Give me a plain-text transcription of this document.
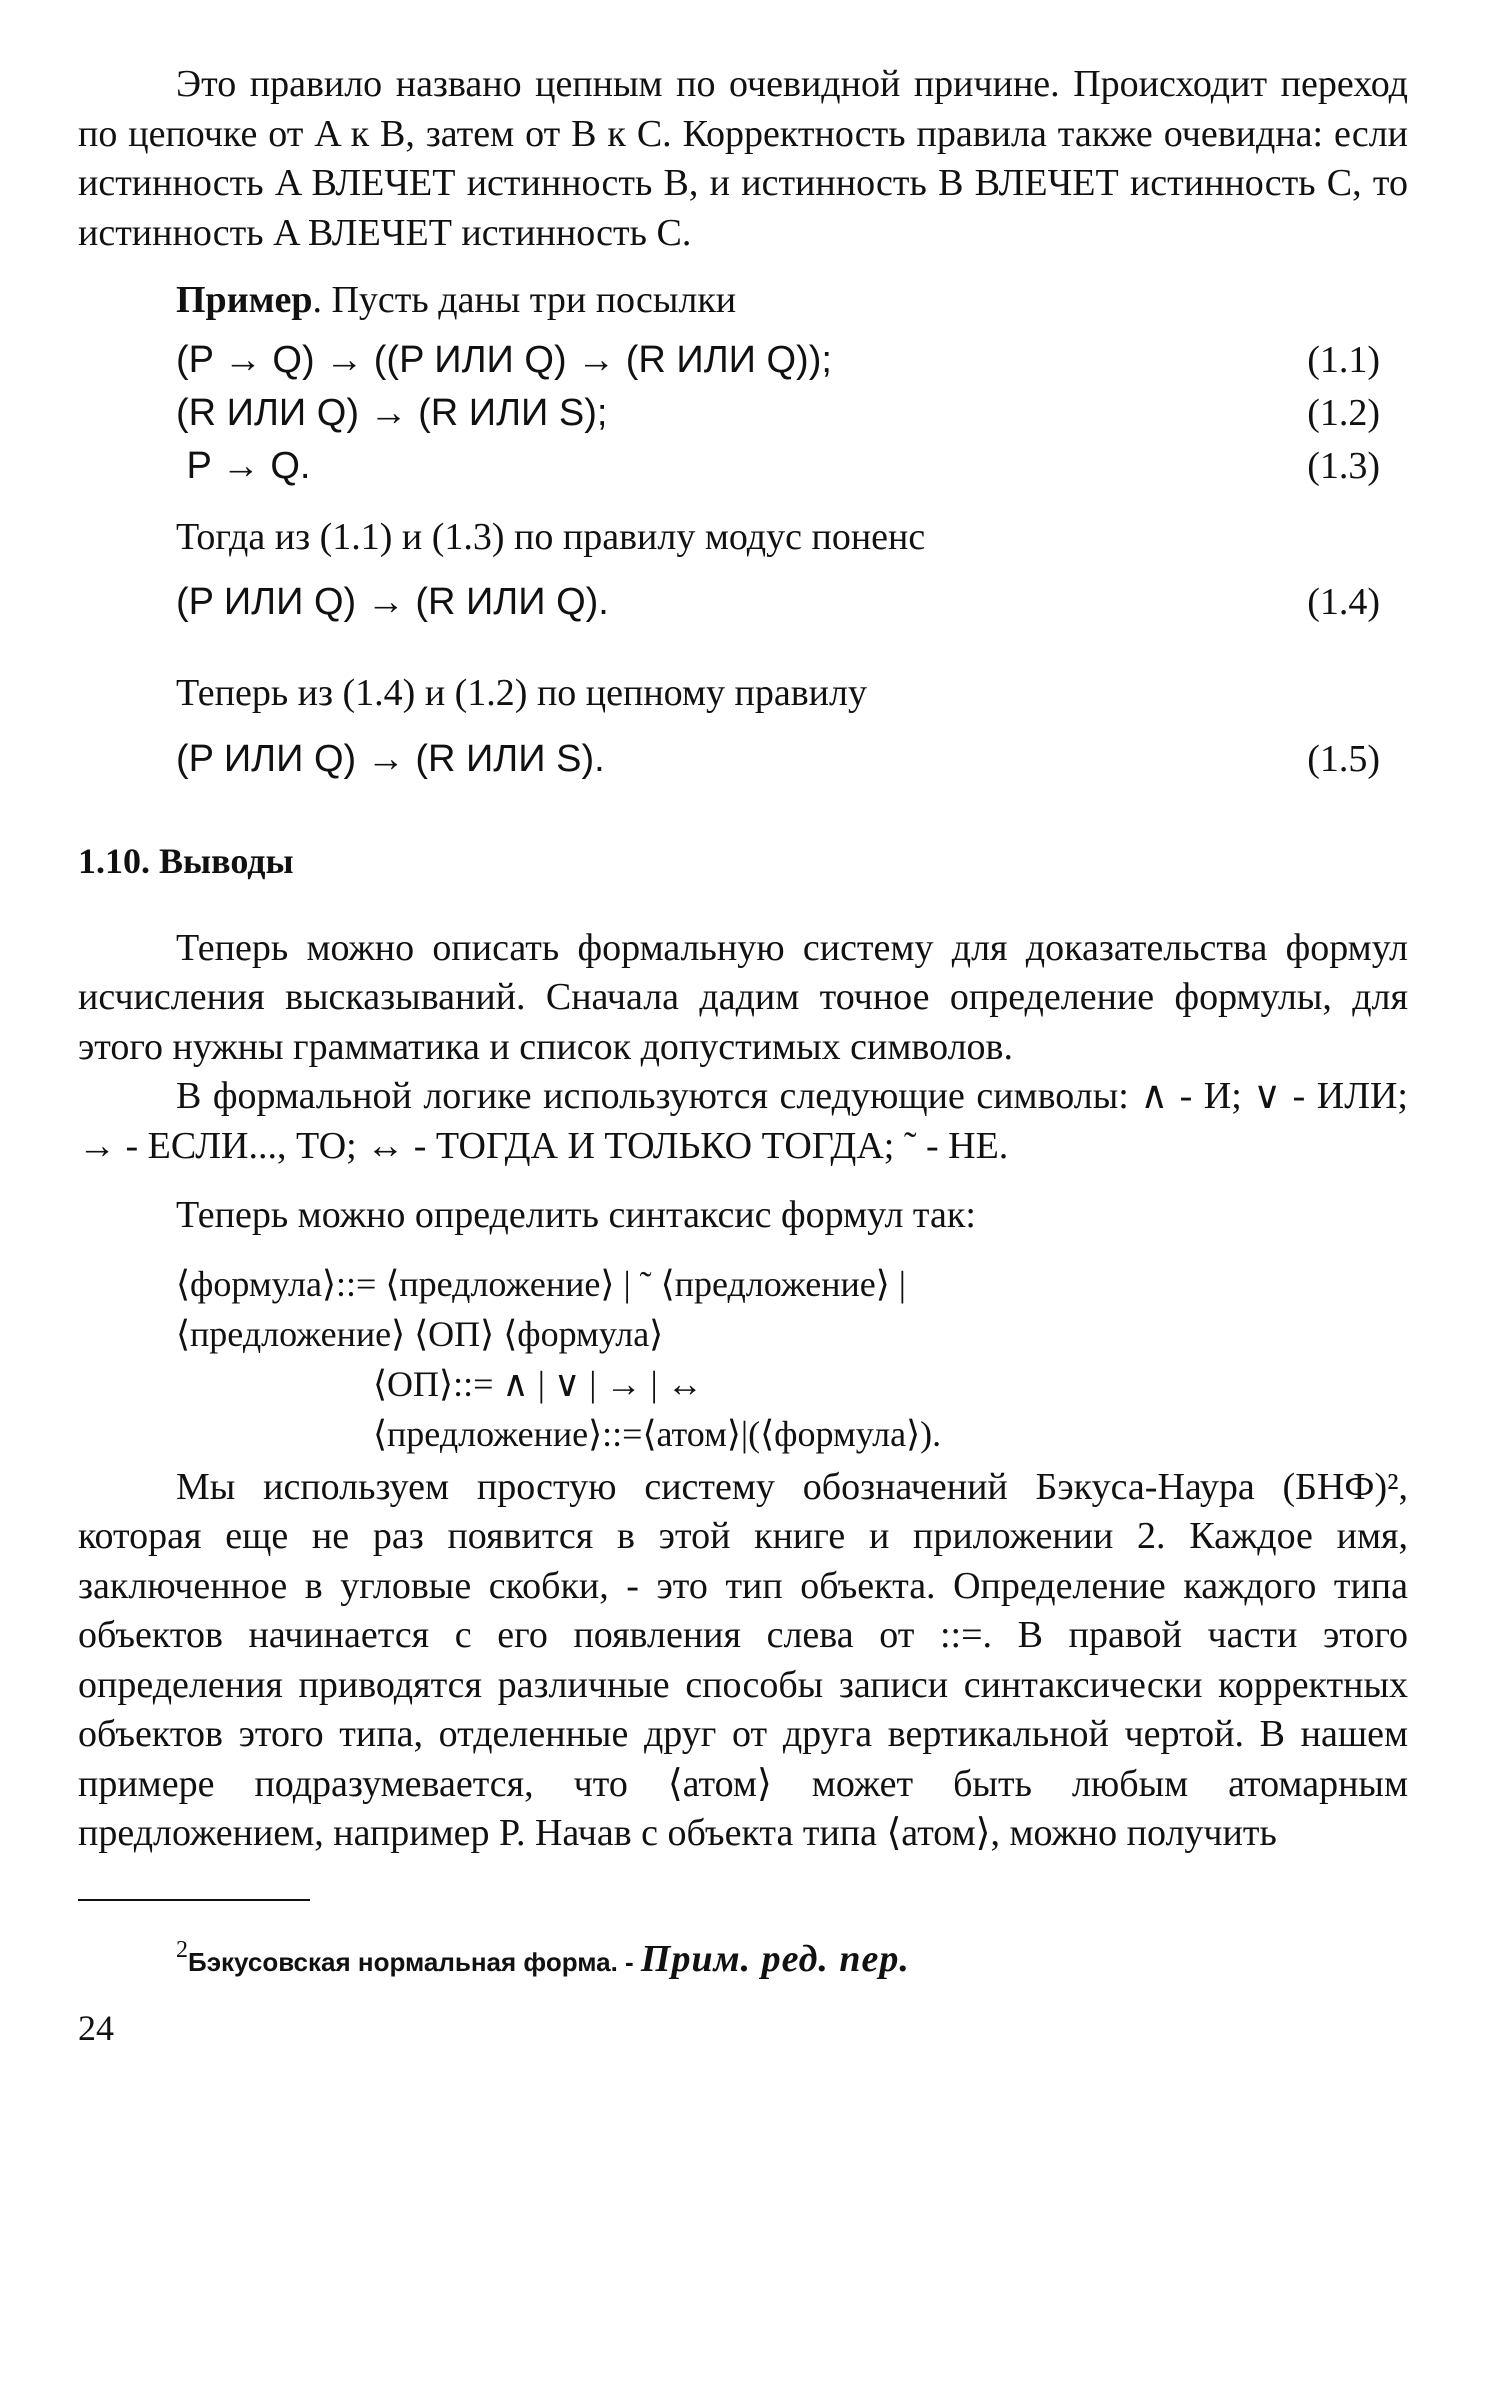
Это правило названо цепным по очевидной причине. Происходит переход по цепочке от A к B, затем от B к C. Корректность правила также очевидна: если истинность A ВЛЕЧЕТ истинность B, и истинность B ВЛЕЧЕТ истинность C, то истинность A ВЛЕЧЕТ истинность C.

Пример. Пусть даны три посылки

(P → Q) → ((P ИЛИ Q) → (R ИЛИ Q));	(1.1)
(R ИЛИ Q) → (R ИЛИ S);	(1.2)
P → Q.	(1.3)

Тогда из (1.1) и (1.3) по правилу модус поненс

(P ИЛИ Q) → (R ИЛИ Q).	(1.4)

Теперь из (1.4) и (1.2) по цепному правилу

(P ИЛИ Q) → (R ИЛИ S).	(1.5)
1.10. Выводы

Теперь можно описать формальную систему для доказательства формул исчисления высказываний. Сначала дадим точное определение формулы, для этого нужны грамматика и список допустимых символов.

В формальной логике используются следующие символы: ∧ - И; ∨ - ИЛИ; → - ЕСЛИ..., ТО; ↔ - ТОГДА И ТОЛЬКО ТОГДА; ˜ - НЕ.

Теперь можно определить синтаксис формул так:

⟨формула⟩::= ⟨предложение⟩ | ˜ ⟨предложение⟩ |
⟨предложение⟩ ⟨ОП⟩ ⟨формула⟩
⟨ОП⟩::= ∧ | ∨ | → | ↔
⟨предложение⟩::=⟨атом⟩|(⟨формула⟩).

Мы используем простую систему обозначений Бэкуса-Наура (БНФ)², которая еще не раз появится в этой книге и приложении 2. Каждое имя, заключенное в угловые скобки, - это тип объекта. Определение каждого типа объектов начинается с его появления слева от ::=. В правой части этого определения приводятся различные способы записи синтаксически корректных объектов этого типа, отделенные друг от друга вертикальной чертой. В нашем примере подразумевается, что ⟨атом⟩ может быть любым атомарным предложением, например P. Начав с объекта типа ⟨атом⟩, можно получить

$^2$Бэкусовская нормальная форма. - Прим. ред. пер.
24
